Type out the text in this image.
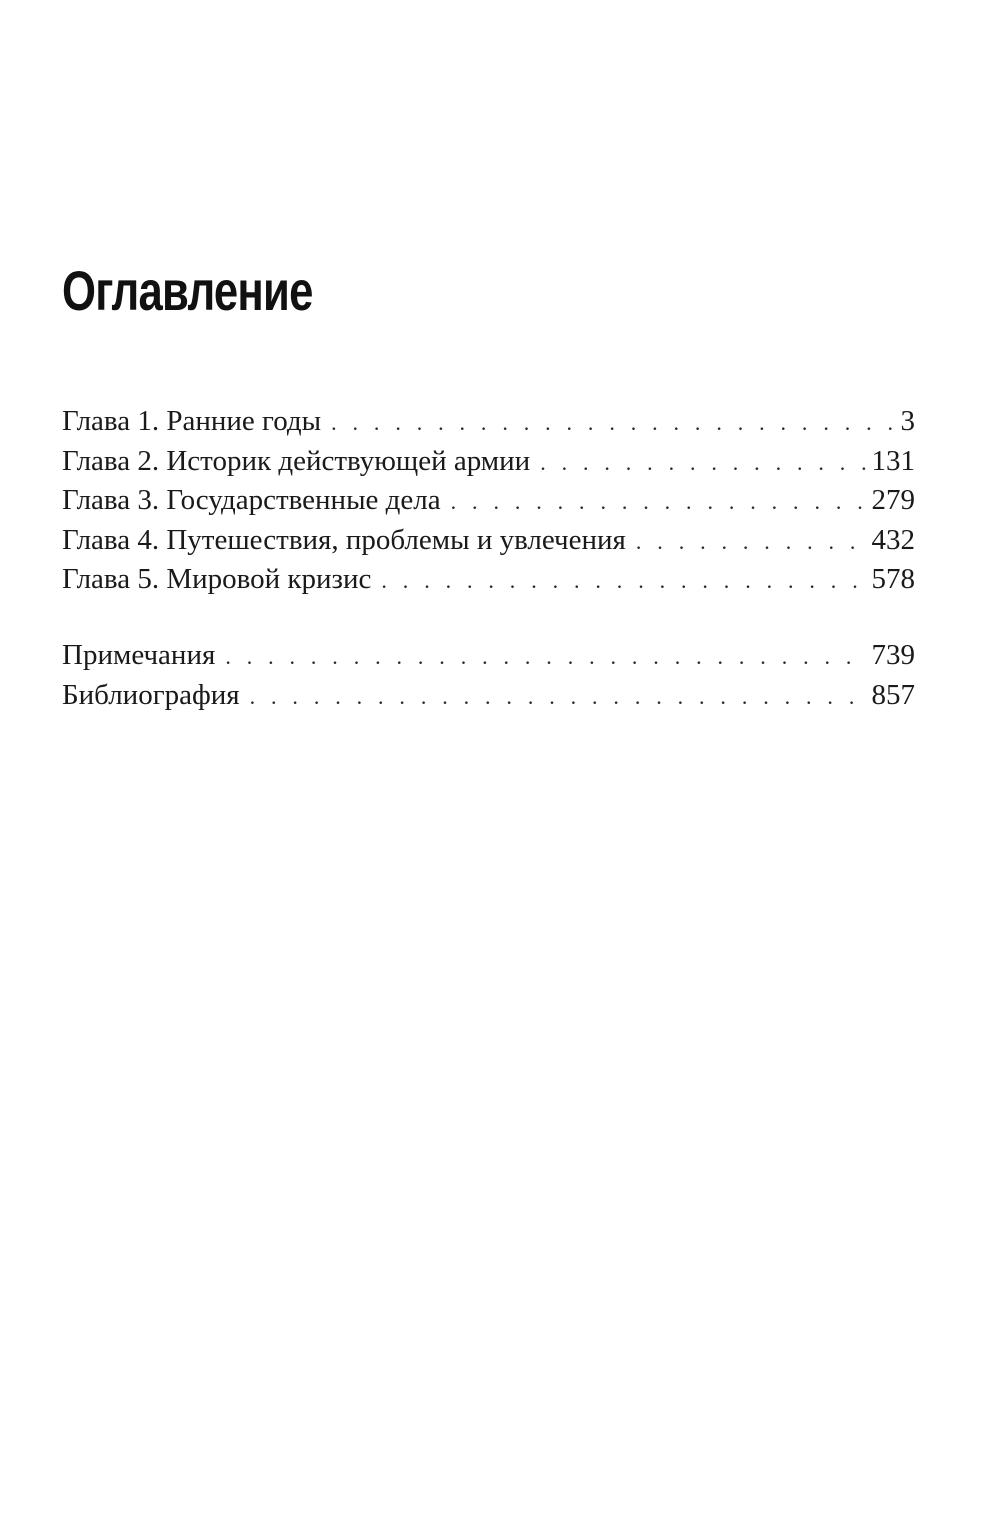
Оглавление
Глава 1. Ранние годы . . .	3
Глава 2. Историк действующей армии . . .	131
Глава 3. Государственные дела . . .	279
Глава 4. Путешествия, проблемы и увлечения . . .	432
Глава 5. Мировой кризис . . .	578
Примечания . . .	739
Библиография . . .	857
